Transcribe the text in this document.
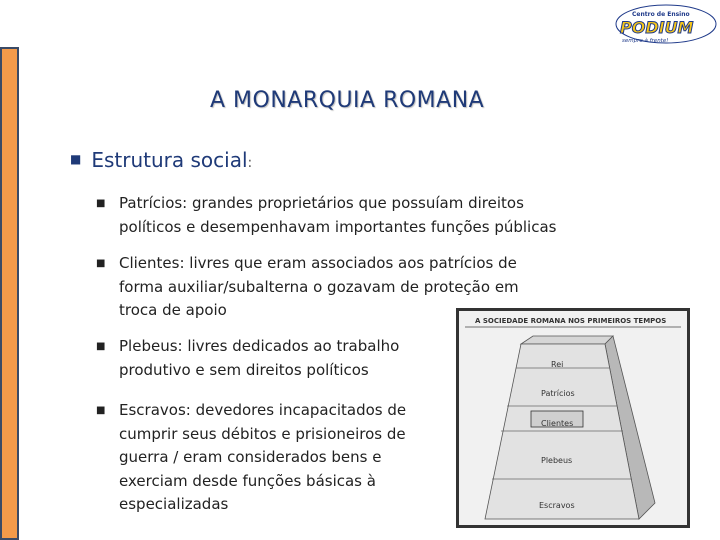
Centro de Ensino
PODIUM
sempre à frente!
A MONARQUIA ROMANA
■ Estrutura social:
■ Patrícios: grandes proprietários que possuíam direitos
políticos e desempenhavam importantes funções públicas
■ Clientes: livres que eram associados aos patrícios de
forma auxiliar/subalterna o gozavam de proteção em
troca de apoio
■ Plebeus: livres dedicados ao trabalho
produtivo e sem direitos políticos
■ Escravos: devedores incapacitados de
cumprir seus débitos e prisioneiros de
guerra / eram considerados bens e
exerciam desde funções básicas à
especializadas
A SOCIEDADE ROMANA NOS PRIMEIROS TEMPOS
Rei
Patrícios
Clientes
Plebeus
Escravos
